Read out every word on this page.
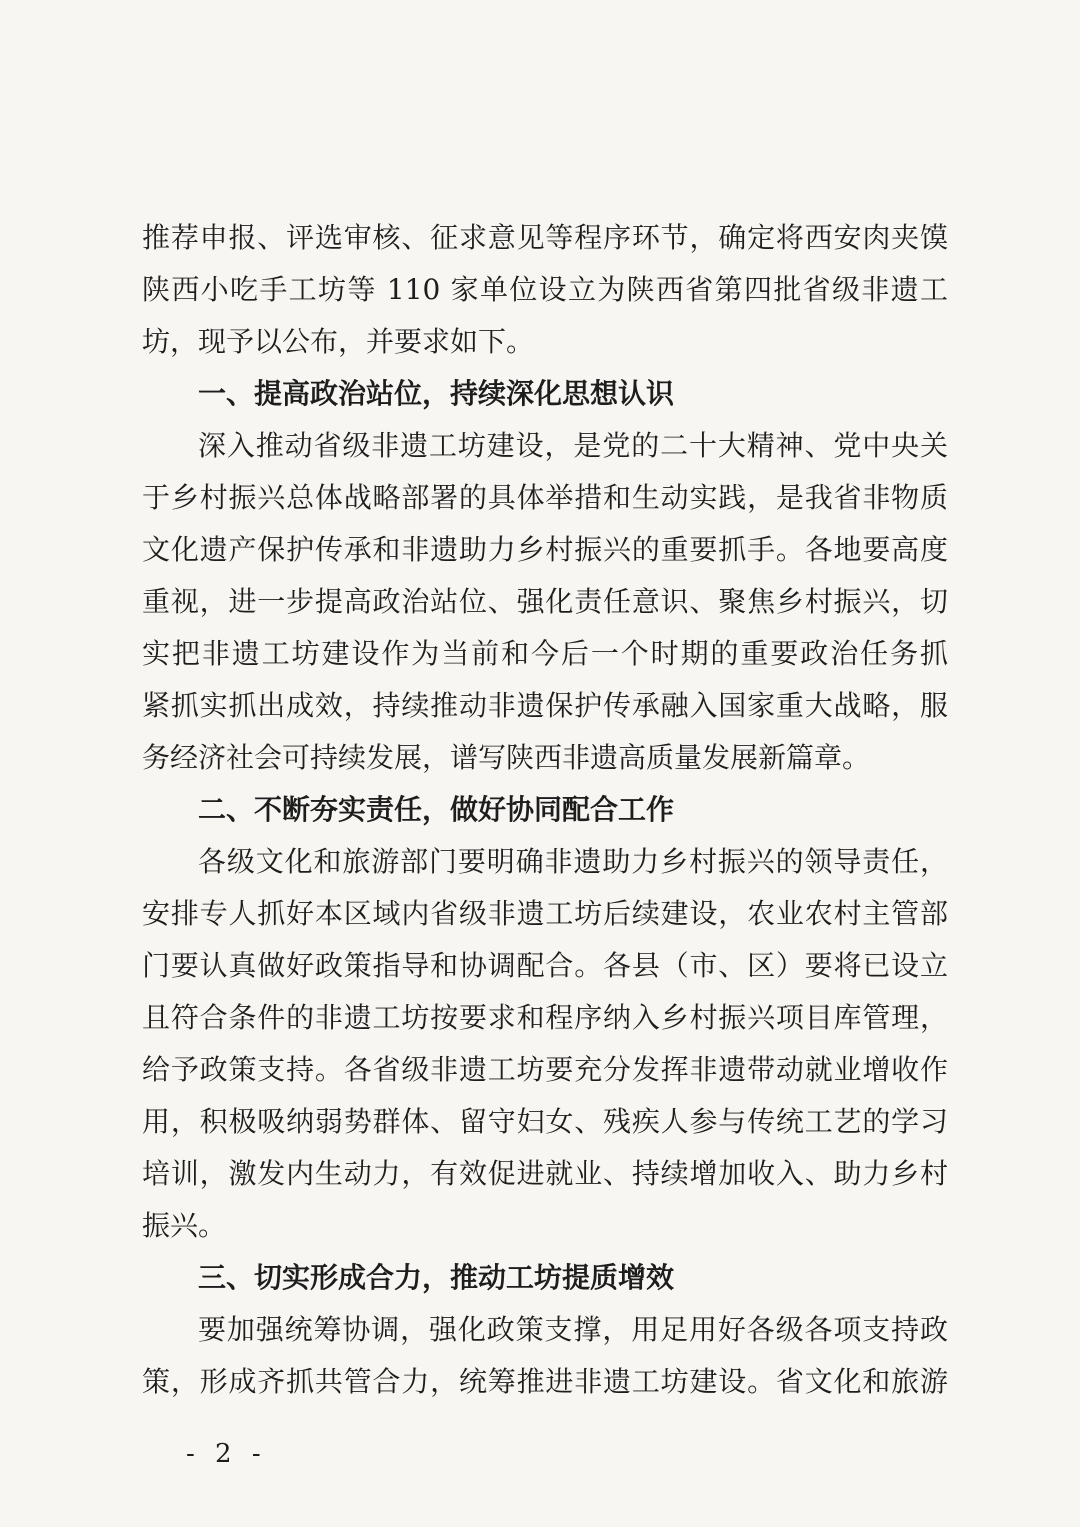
推荐申报、评选审核、征求意见等程序环节，确定将西安肉夹馍
陕西小吃手工坊等 110 家单位设立为陕西省第四批省级非遗工
坊，现予以公布，并要求如下。
一、提高政治站位，持续深化思想认识
深入推动省级非遗工坊建设，是党的二十大精神、党中央关
于乡村振兴总体战略部署的具体举措和生动实践，是我省非物质
文化遗产保护传承和非遗助力乡村振兴的重要抓手。各地要高度
重视，进一步提高政治站位、强化责任意识、聚焦乡村振兴，切
实把非遗工坊建设作为当前和今后一个时期的重要政治任务抓
紧抓实抓出成效，持续推动非遗保护传承融入国家重大战略，服
务经济社会可持续发展，谱写陕西非遗高质量发展新篇章。
二、不断夯实责任，做好协同配合工作
各级文化和旅游部门要明确非遗助力乡村振兴的领导责任，
安排专人抓好本区域内省级非遗工坊后续建设，农业农村主管部
门要认真做好政策指导和协调配合。各县（市、区）要将已设立
且符合条件的非遗工坊按要求和程序纳入乡村振兴项目库管理，
给予政策支持。各省级非遗工坊要充分发挥非遗带动就业增收作
用，积极吸纳弱势群体、留守妇女、残疾人参与传统工艺的学习
培训，激发内生动力，有效促进就业、持续增加收入、助力乡村
振兴。
三、切实形成合力，推动工坊提质增效
要加强统筹协调，强化政策支撑，用足用好各级各项支持政
策，形成齐抓共管合力，统筹推进非遗工坊建设。省文化和旅游
- 2 -
